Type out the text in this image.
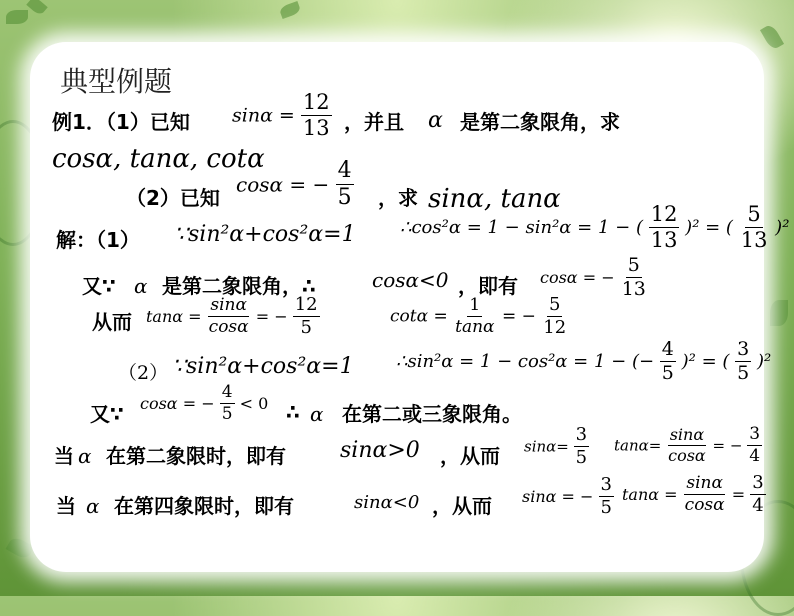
典型例题
例1．（1）已知 $\sin\alpha = \frac{12}{13}$ ，并且 α 是第二象限角，求
cosα, tanα, cotα
（2）已知
cosα = − $\frac{4}{5}$ ，求 sinα, tanα
解：（1） ∵sin²α+cos²α=1 ∴cos²α = 1 − sin²α = 1 − ( $\frac{12}{13} )^2$ = ( $\frac{5}{13} )^2$
又∵ α 是第二象限角，∴	cosα<0 ，即有 cosα = − $\frac{5}{13}$
从而 $\tan\alpha = \frac{\sin\alpha}{\cos\alpha}$ = − $\frac{12}{5}$	$\cot\alpha = \frac{1}{\tan\alpha}$ = − $\frac{5}{12}$
（2） ∵sin²α+cos²α=1 ∴sin²α = 1 − cos²α = 1 − (− $\frac{4}{5} )^2$ = ( $\frac{3}{5} )^2$
又∵ cosα = − $\frac{4}{5} < 0$ ∴ α 在第二或三象限角。
当 α 在第二象限时，即有 sinα>0 ，从而 $\sin\alpha= \frac{3}{5} \tan\alpha= \frac{\sin\alpha}{\cos\alpha}$ = − $\frac{3}{4}$
当 α 在第四象限时，即有	sinα<0 ，从而 sinα = − $\frac{3}{5}$ $\tan\alpha = \frac{\sin\alpha}{\cos\alpha} = \frac{3}{4}$
